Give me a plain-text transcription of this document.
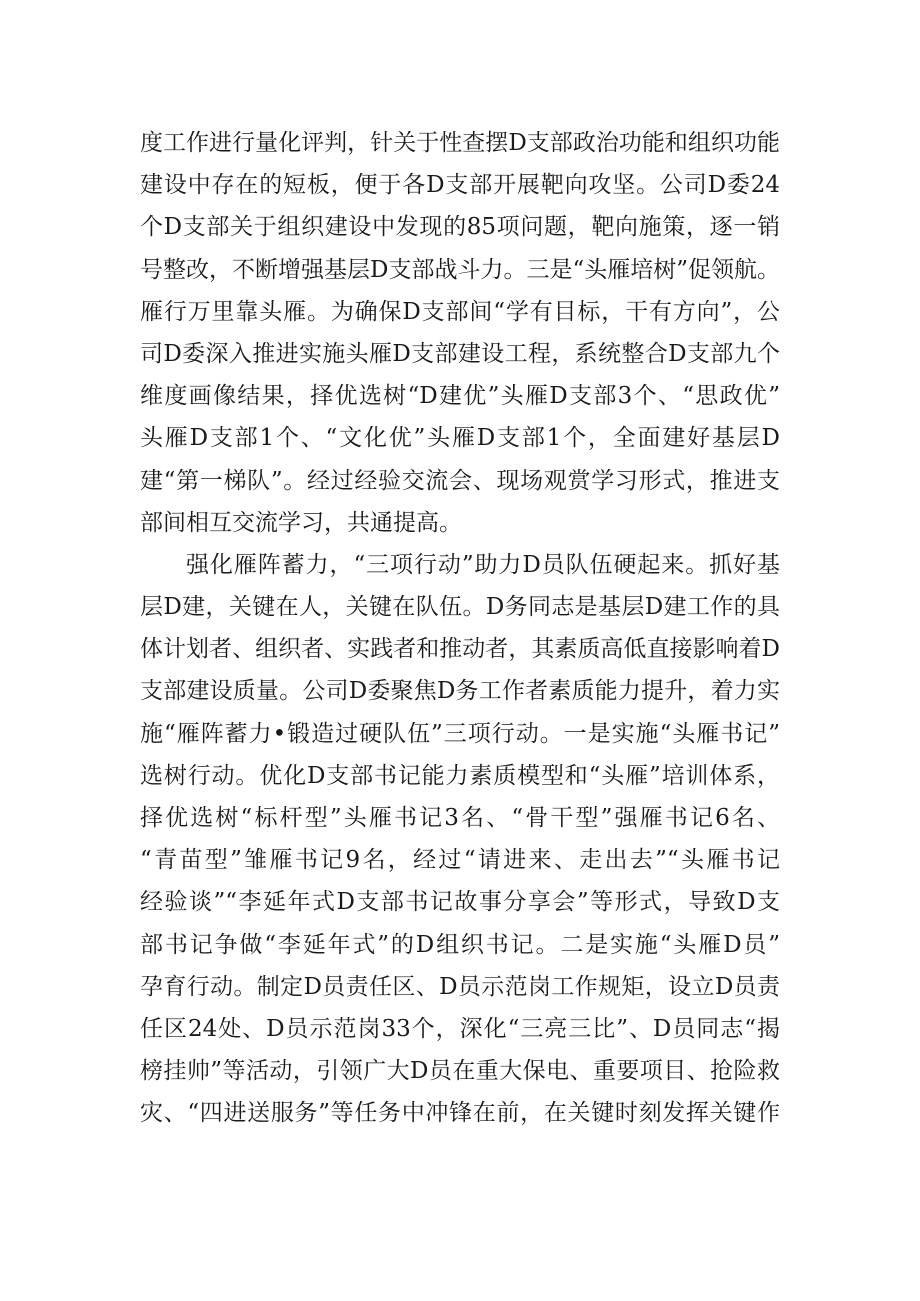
度工作进行量化评判，针关于性查摆D支部政治功能和组织功能
建设中存在的短板，便于各D支部开展靶向攻坚。公司D委24
个D支部关于组织建设中发现的85项问题，靶向施策，逐一销
号整改，不断增强基层D支部战斗力。三是“头雁培树”促领航。
雁行万里靠头雁。为确保D支部间“学有目标，干有方向”，公
司D委深入推进实施头雁D支部建设工程，系统整合D支部九个
维度画像结果，择优选树“D建优”头雁D支部3个、“思政优”
头雁D支部1个、“文化优”头雁D支部1个，全面建好基层D
建“第一梯队”。经过经验交流会、现场观赏学习形式，推进支
部间相互交流学习，共通提高。
强化雁阵蓄力，“三项行动”助力D员队伍硬起来。抓好基
层D建，关键在人，关键在队伍。D务同志是基层D建工作的具
体计划者、组织者、实践者和推动者，其素质高低直接影响着D
支部建设质量。公司D委聚焦D务工作者素质能力提升，着力实
施“雁阵蓄力•锻造过硬队伍”三项行动。一是实施“头雁书记”
选树行动。优化D支部书记能力素质模型和“头雁”培训体系，
择优选树“标杆型”头雁书记3名、“骨干型”强雁书记6名、
“青苗型”雏雁书记9名，经过“请进来、走出去”“头雁书记
经验谈”“李延年式D支部书记故事分享会”等形式，导致D支
部书记争做“李延年式”的D组织书记。二是实施“头雁D员”
孕育行动。制定D员责任区、D员示范岗工作规矩，设立D员责
任区24处、D员示范岗33个，深化“三亮三比”、D员同志“揭
榜挂帅”等活动，引领广大D员在重大保电、重要项目、抢险救
灾、“四进送服务”等任务中冲锋在前，在关键时刻发挥关键作
